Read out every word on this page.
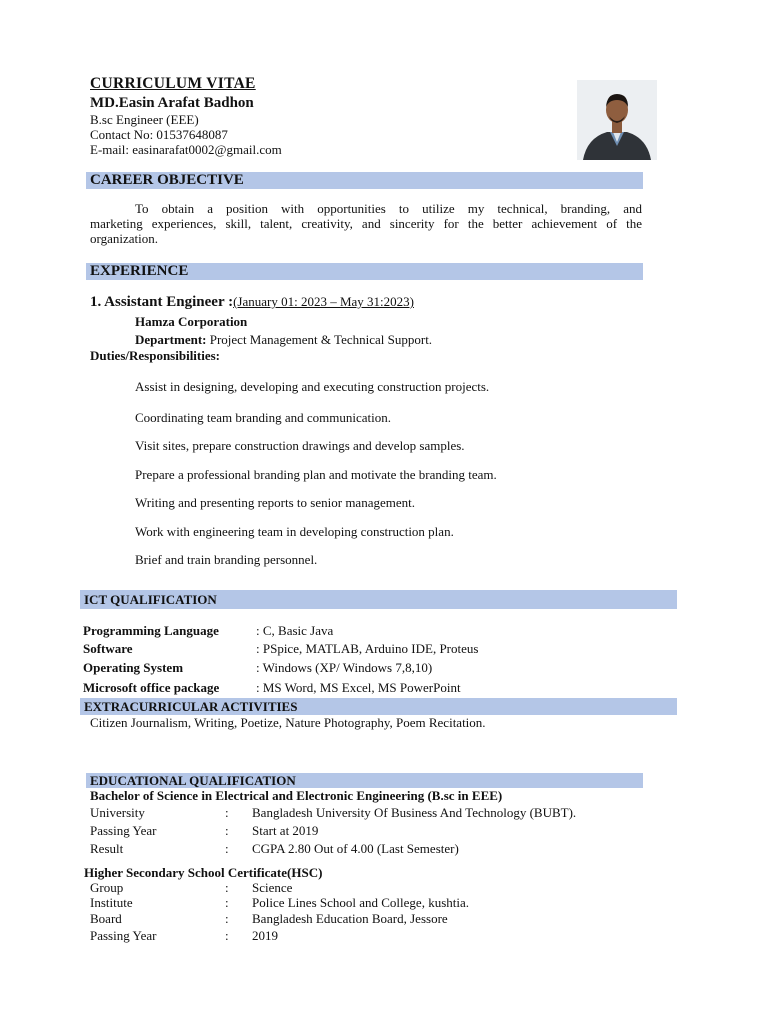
CURRICULUM VITAE
MD.Easin Arafat Badhon
B.sc Engineer (EEE)
Contact No: 01537648087
E-mail: easinarafat0002@gmail.com
CAREER OBJECTIVE
To obtain a position with opportunities to utilize my technical, branding, and
marketing experiences, skill, talent, creativity, and sincerity for the better achievement of the
organization.
EXPERIENCE
1. Assistant Engineer :(January 01: 2023 – May 31:2023)
Hamza Corporation
Department: Project Management & Technical Support.
Duties/Responsibilities:
Assist in designing, developing and executing construction projects.
Coordinating team branding and communication.
Visit sites, prepare construction drawings and develop samples.
Prepare a professional branding plan and motivate the branding team.
Writing and presenting reports to senior management.
Work with engineering team in developing construction plan.
Brief and train branding personnel.
ICT QUALIFICATION
Programming Language	: C, Basic Java
Software	: PSpice, MATLAB, Arduino IDE, Proteus
Operating System	: Windows (XP/ Windows 7,8,10)
Microsoft office package	: MS Word, MS Excel, MS PowerPoint
EXTRACURRICULAR ACTIVITIES
Citizen Journalism, Writing, Poetize, Nature Photography, Poem Recitation.
EDUCATIONAL QUALIFICATION
Bachelor of Science in Electrical and Electronic Engineering (B.sc in EEE)
University	: Bangladesh University Of Business And Technology (BUBT).
Passing Year	: Start at 2019
Result	: CGPA 2.80 Out of 4.00 (Last Semester)
Higher Secondary School Certificate(HSC)
Group	: Science
Institute	: Police Lines School and College, kushtia.
Board	: Bangladesh Education Board, Jessore
Passing Year	: 2019
